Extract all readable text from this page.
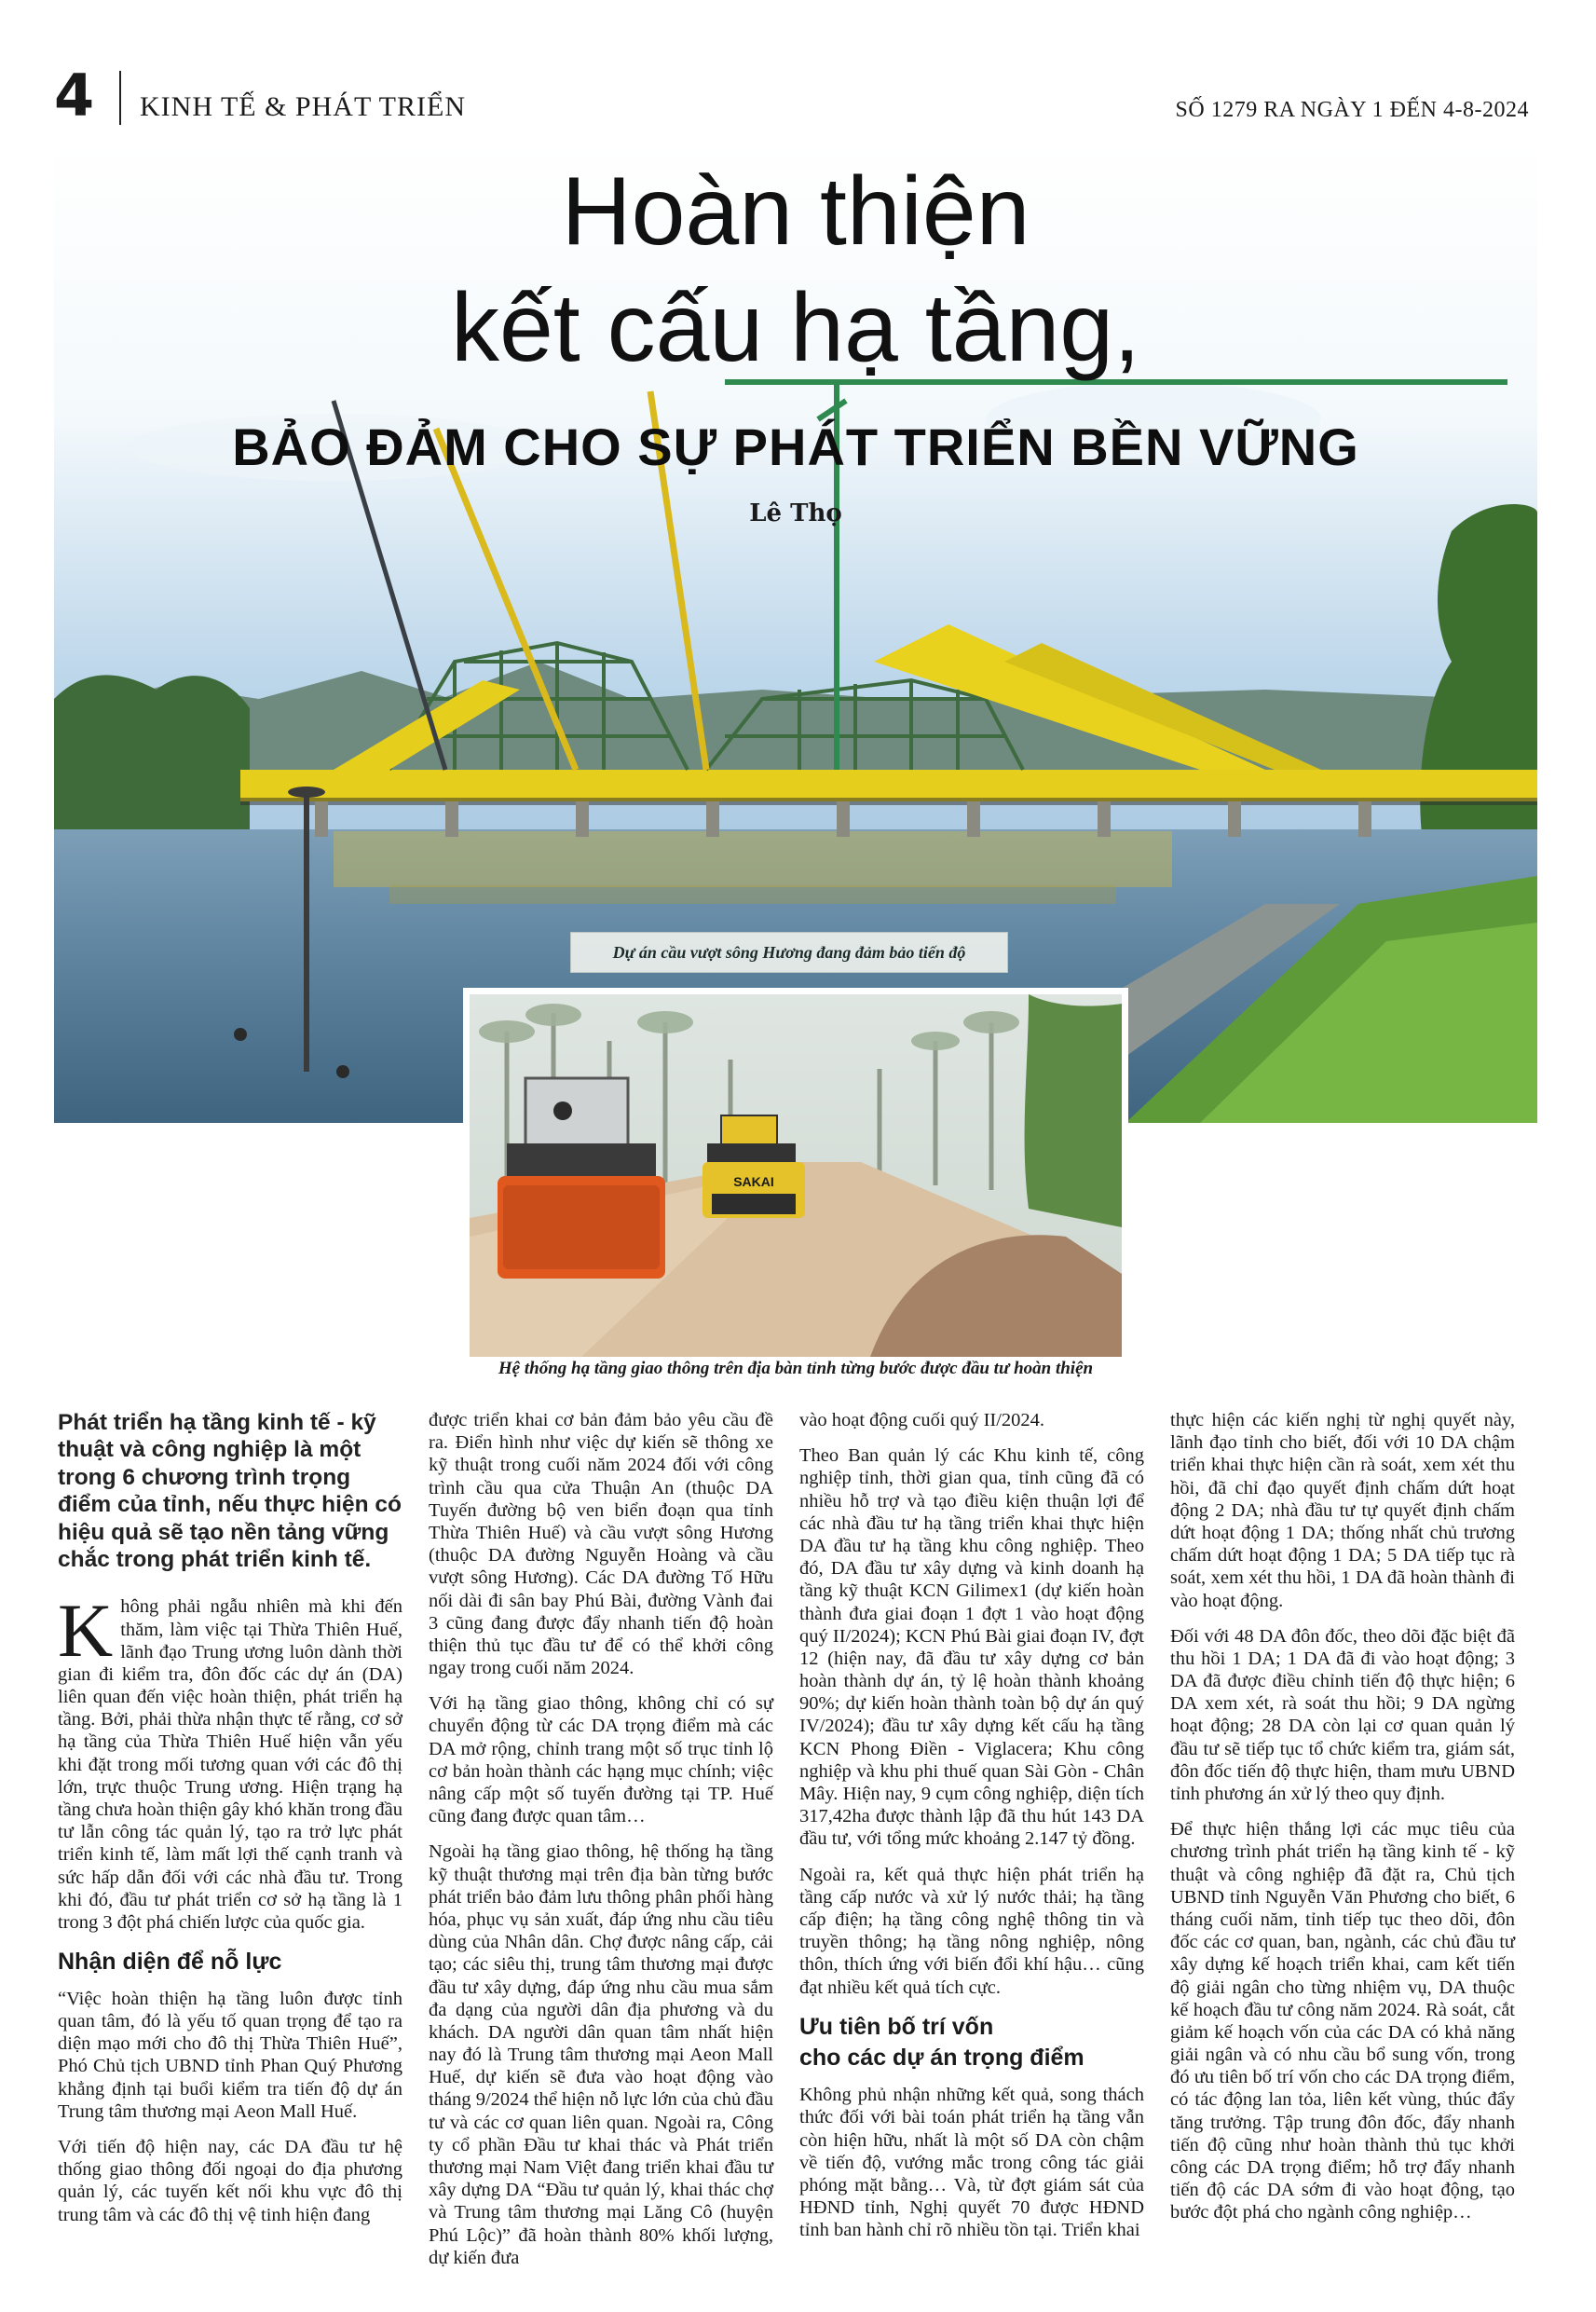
4 KINH TẾ & PHÁT TRIỂN	SỐ 1279 RA NGÀY 1 ĐẾN 4-8-2024
Hoàn thiện
kết cấu hạ tầng,
BẢO ĐẢM CHO SỰ PHÁT TRIỂN BỀN VỮNG
Lê Thọ
Dự án cầu vượt sông Hương đang đảm bảo tiến độ
SAKAI
Hệ thống hạ tầng giao thông trên địa bàn tỉnh từng bước được đầu tư hoàn thiện
Phát triển hạ tầng kinh tế - kỹ thuật và công nghiệp là một trong 6 chương trình trọng điểm của tỉnh, nếu thực hiện có hiệu quả sẽ tạo nền tảng vững chắc trong phát triển kinh tế.

Không phải ngẫu nhiên mà khi đến thăm, làm việc tại Thừa Thiên Huế, lãnh đạo Trung ương luôn dành thời gian đi kiểm tra, đôn đốc các dự án (DA) liên quan đến việc hoàn thiện, phát triển hạ tầng. Bởi, phải thừa nhận thực tế rằng, cơ sở hạ tầng của Thừa Thiên Huế hiện vẫn yếu khi đặt trong mối tương quan với các đô thị lớn, trực thuộc Trung ương. Hiện trạng hạ tầng chưa hoàn thiện gây khó khăn trong đầu tư lẫn công tác quản lý, tạo ra trở lực phát triển kinh tế, làm mất lợi thế cạnh tranh và sức hấp dẫn đối với các nhà đầu tư. Trong khi đó, đầu tư phát triển cơ sở hạ tầng là 1 trong 3 đột phá chiến lược của quốc gia.

Nhận diện để nỗ lực

“Việc hoàn thiện hạ tầng luôn được tỉnh quan tâm, đó là yếu tố quan trọng để tạo ra diện mạo mới cho đô thị Thừa Thiên Huế”, Phó Chủ tịch UBND tỉnh Phan Quý Phương khẳng định tại buổi kiểm tra tiến độ dự án Trung tâm thương mại Aeon Mall Huế.

Với tiến độ hiện nay, các DA đầu tư hệ thống giao thông đối ngoại do địa phương quản lý, các tuyến kết nối khu vực đô thị trung tâm và các đô thị vệ tinh hiện đang

được triển khai cơ bản đảm bảo yêu cầu đề ra. Điển hình như việc dự kiến sẽ thông xe kỹ thuật trong cuối năm 2024 đối với công trình cầu qua cửa Thuận An (thuộc DA Tuyến đường bộ ven biển đoạn qua tỉnh Thừa Thiên Huế) và cầu vượt sông Hương (thuộc DA đường Nguyễn Hoàng và cầu vượt sông Hương). Các DA đường Tố Hữu nối dài đi sân bay Phú Bài, đường Vành đai 3 cũng đang được đẩy nhanh tiến độ hoàn thiện thủ tục đầu tư để có thể khởi công ngay trong cuối năm 2024.

Với hạ tầng giao thông, không chỉ có sự chuyển động từ các DA trọng điểm mà các DA mở rộng, chỉnh trang một số trục tỉnh lộ cơ bản hoàn thành các hạng mục chính; việc nâng cấp một số tuyến đường tại TP. Huế cũng đang được quan tâm…

Ngoài hạ tầng giao thông, hệ thống hạ tầng kỹ thuật thương mại trên địa bàn từng bước phát triển bảo đảm lưu thông phân phối hàng hóa, phục vụ sản xuất, đáp ứng nhu cầu tiêu dùng của Nhân dân. Chợ được nâng cấp, cải tạo; các siêu thị, trung tâm thương mại được đầu tư xây dựng, đáp ứng nhu cầu mua sắm đa dạng của người dân địa phương và du khách. DA người dân quan tâm nhất hiện nay đó là Trung tâm thương mại Aeon Mall Huế, dự kiến sẽ đưa vào hoạt động vào tháng 9/2024 thể hiện nỗ lực lớn của chủ đầu tư và các cơ quan liên quan. Ngoài ra, Công ty cổ phần Đầu tư khai thác và Phát triển thương mại Nam Việt đang triển khai đầu tư xây dựng DA “Đầu tư quản lý, khai thác chợ và Trung tâm thương mại Lăng Cô (huyện Phú Lộc)” đã hoàn thành 80% khối lượng, dự kiến đưa

vào hoạt động cuối quý II/2024.

Theo Ban quản lý các Khu kinh tế, công nghiệp tỉnh, thời gian qua, tỉnh cũng đã có nhiều hỗ trợ và tạo điều kiện thuận lợi để các nhà đầu tư hạ tầng triển khai thực hiện DA đầu tư hạ tầng khu công nghiệp. Theo đó, DA đầu tư xây dựng và kinh doanh hạ tầng kỹ thuật KCN Gilimex1 (dự kiến hoàn thành đưa giai đoạn 1 đợt 1 vào hoạt động quý II/2024); KCN Phú Bài giai đoạn IV, đợt 12 (hiện nay, đã đầu tư xây dựng cơ bản hoàn thành dự án, tỷ lệ hoàn thành khoảng 90%; dự kiến hoàn thành toàn bộ dự án quý IV/2024); đầu tư xây dựng kết cấu hạ tầng KCN Phong Điền - Viglacera; Khu công nghiệp và khu phi thuế quan Sài Gòn - Chân Mây. Hiện nay, 9 cụm công nghiệp, diện tích 317,42ha được thành lập đã thu hút 143 DA đầu tư, với tổng mức khoảng 2.147 tỷ đồng.

Ngoài ra, kết quả thực hiện phát triển hạ tầng cấp nước và xử lý nước thải; hạ tầng cấp điện; hạ tầng công nghệ thông tin và truyền thông; hạ tầng nông nghiệp, nông thôn, thích ứng với biến đổi khí hậu… cũng đạt nhiều kết quả tích cực.

Ưu tiên bố trí vốn
cho các dự án trọng điểm

Không phủ nhận những kết quả, song thách thức đối với bài toán phát triển hạ tầng vẫn còn hiện hữu, nhất là một số DA còn chậm về tiến độ, vướng mắc trong công tác giải phóng mặt bằng… Và, từ đợt giám sát của HĐND tỉnh, Nghị quyết 70 được HĐND tỉnh ban hành chỉ rõ nhiều tồn tại. Triển khai

thực hiện các kiến nghị từ nghị quyết này, lãnh đạo tỉnh cho biết, đối với 10 DA chậm triển khai thực hiện cần rà soát, xem xét thu hồi, đã chỉ đạo quyết định chấm dứt hoạt động 2 DA; nhà đầu tư tự quyết định chấm dứt hoạt động 1 DA; thống nhất chủ trương chấm dứt hoạt động 1 DA; 5 DA tiếp tục rà soát, xem xét thu hồi, 1 DA đã hoàn thành đi vào hoạt động.

Đối với 48 DA đôn đốc, theo dõi đặc biệt đã thu hồi 1 DA; 1 DA đã đi vào hoạt động; 3 DA đã được điều chỉnh tiến độ thực hiện; 6 DA xem xét, rà soát thu hồi; 9 DA ngừng hoạt động; 28 DA còn lại cơ quan quản lý đầu tư sẽ tiếp tục tổ chức kiểm tra, giám sát, đôn đốc tiến độ thực hiện, tham mưu UBND tỉnh phương án xử lý theo quy định.

Để thực hiện thắng lợi các mục tiêu của chương trình phát triển hạ tầng kinh tế - kỹ thuật và công nghiệp đã đặt ra, Chủ tịch UBND tỉnh Nguyễn Văn Phương cho biết, 6 tháng cuối năm, tỉnh tiếp tục theo dõi, đôn đốc các cơ quan, ban, ngành, các chủ đầu tư xây dựng kế hoạch triển khai, cam kết tiến độ giải ngân cho từng nhiệm vụ, DA thuộc kế hoạch đầu tư công năm 2024. Rà soát, cắt giảm kế hoạch vốn của các DA có khả năng giải ngân và có nhu cầu bổ sung vốn, trong đó ưu tiên bố trí vốn cho các DA trọng điểm, có tác động lan tỏa, liên kết vùng, thúc đẩy tăng trưởng. Tập trung đôn đốc, đẩy nhanh tiến độ cũng như hoàn thành thủ tục khởi công các DA trọng điểm; hỗ trợ đẩy nhanh tiến độ các DA sớm đi vào hoạt động, tạo bước đột phá cho ngành công nghiệp…
